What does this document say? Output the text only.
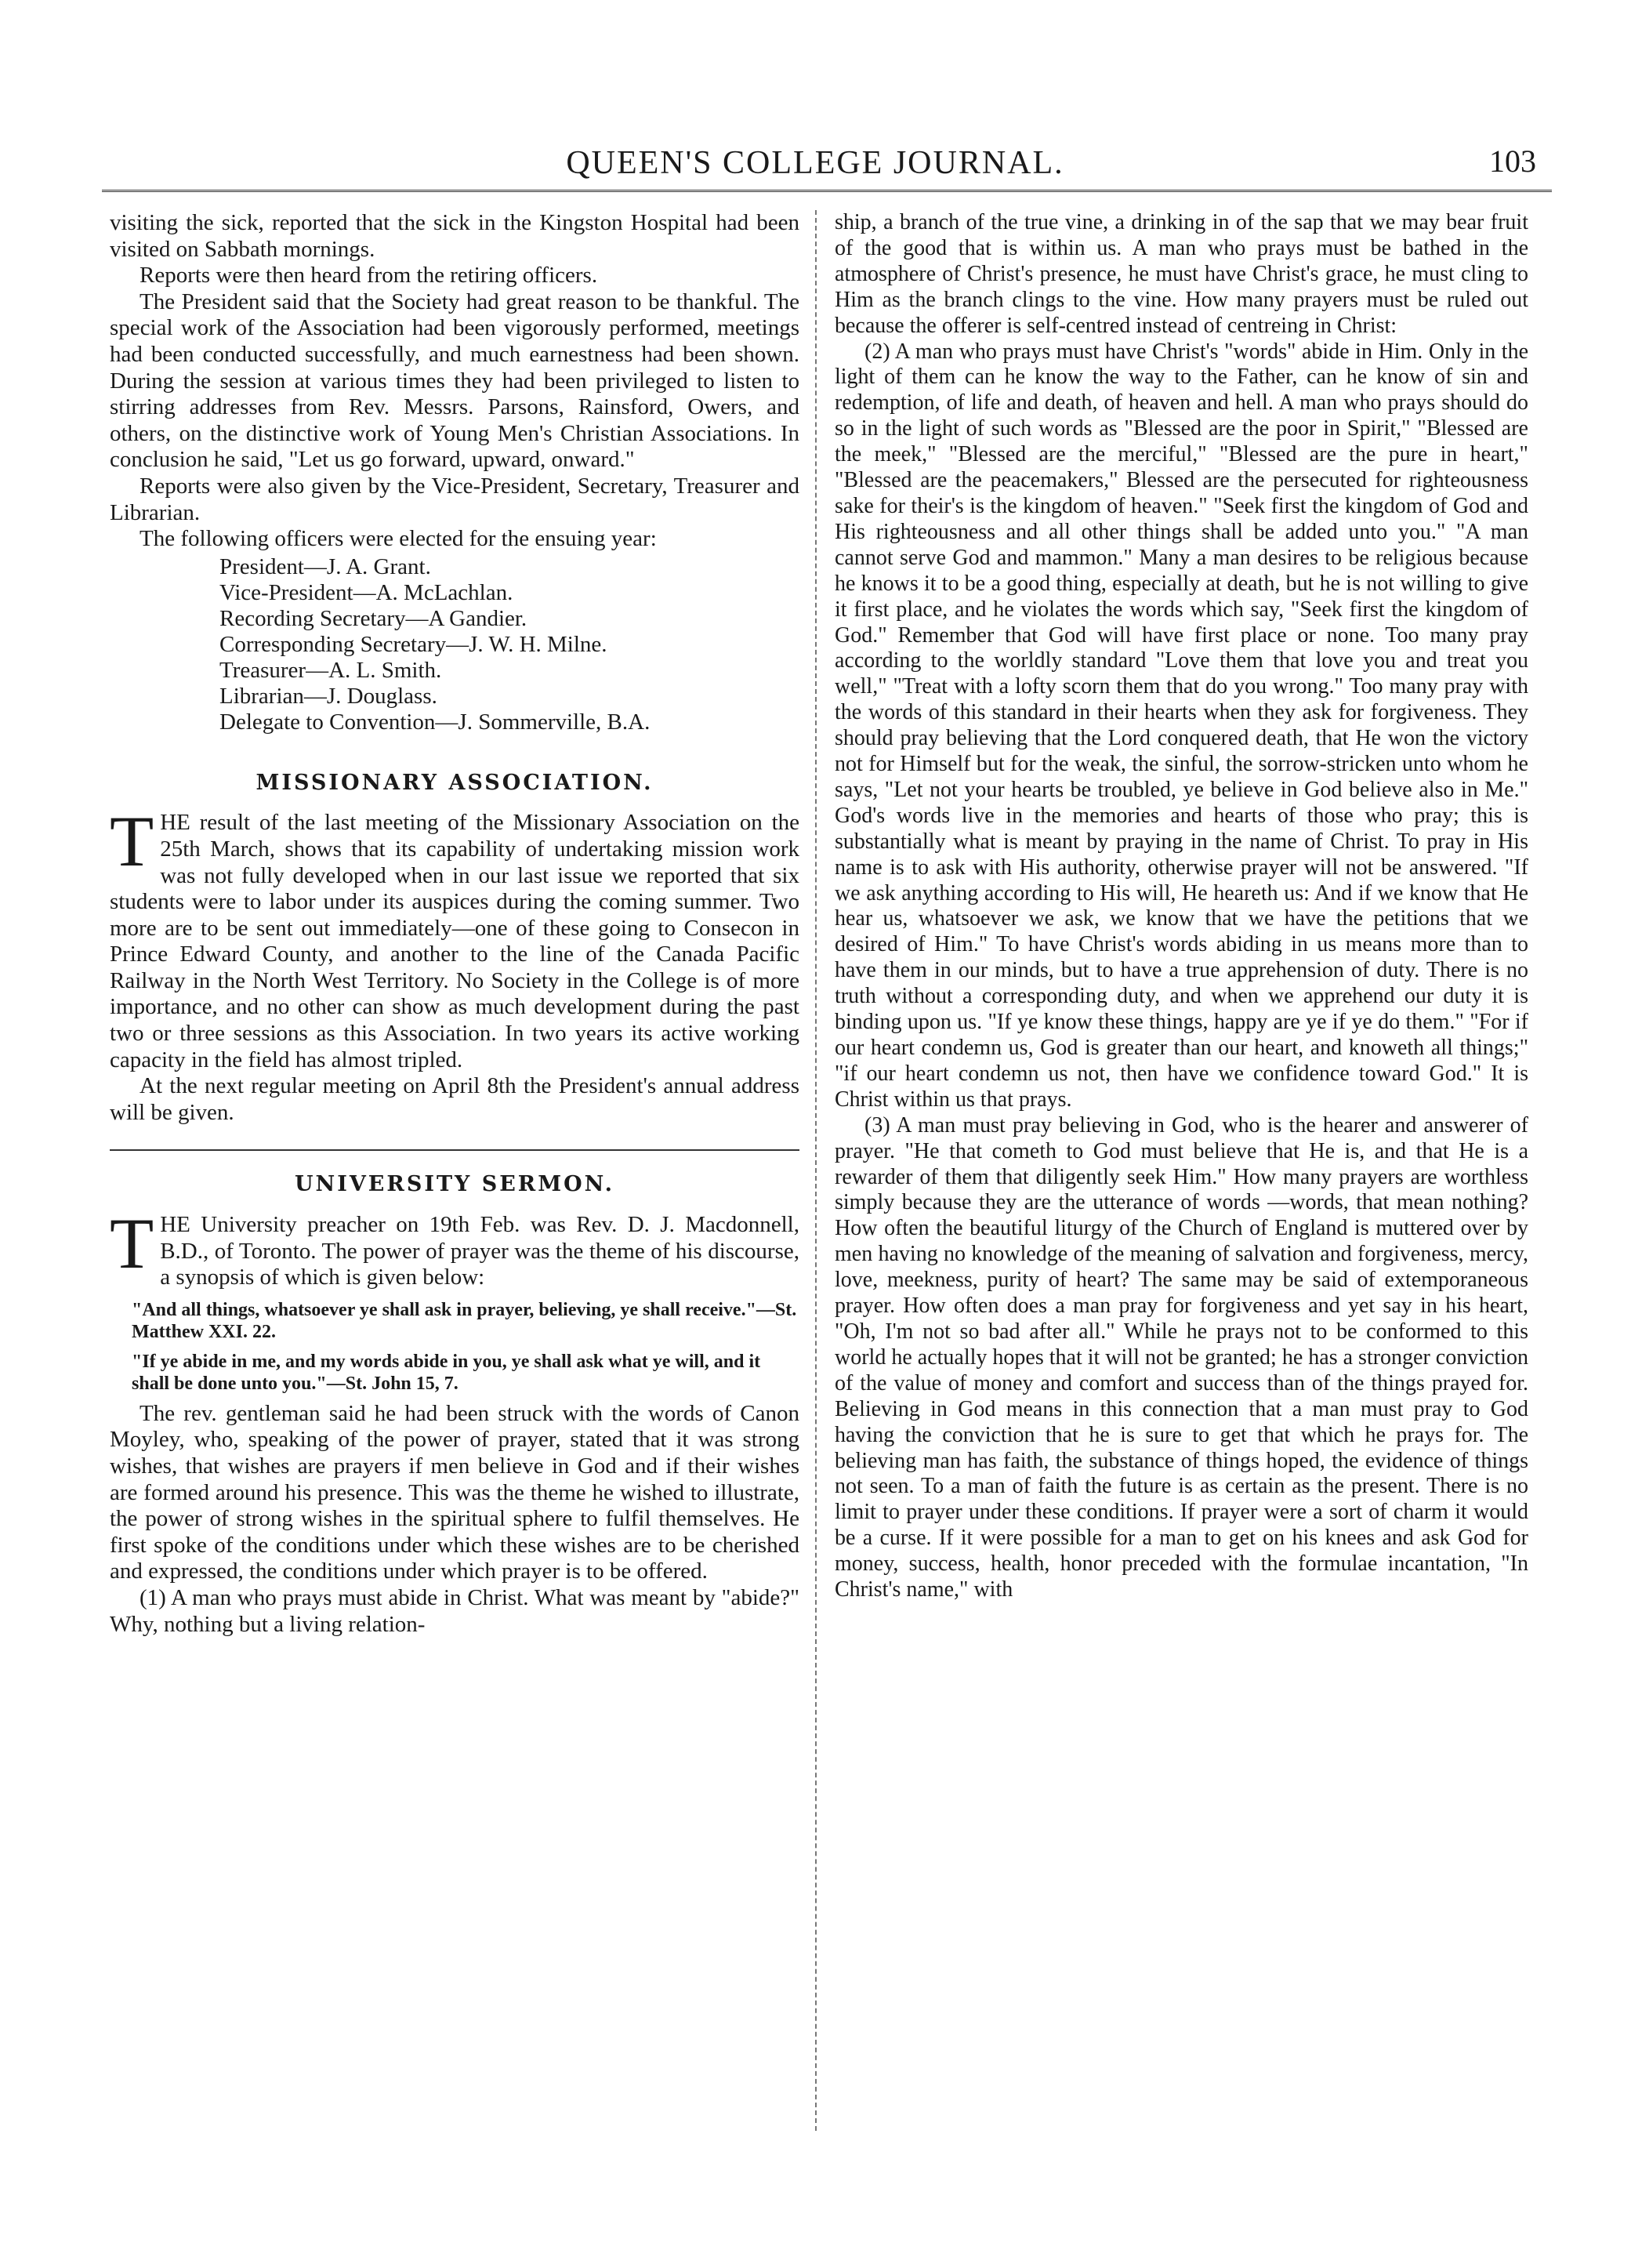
QUEEN'S COLLEGE JOURNAL.	103

visiting the sick, reported that the sick in the Kingston Hospital had been visited on Sabbath mornings.

Reports were then heard from the retiring officers.

The President said that the Society had great reason to be thankful. The special work of the Association had been vigorously performed, meetings had been conducted successfully, and much earnestness had been shown. During the session at various times they had been privileged to listen to stirring addresses from Rev. Messrs. Parsons, Rainsford, Owers, and others, on the distinctive work of Young Men's Christian Associations. In conclusion he said, "Let us go forward, upward, onward."

Reports were also given by the Vice-President, Secretary, Treasurer and Librarian.

The following officers were elected for the ensuing year:

President—J. A. Grant.
Vice-President—A. McLachlan.
Recording Secretary—A Gandier.
Corresponding Secretary—J. W. H. Milne.
Treasurer—A. L. Smith.
Librarian—J. Douglass.
Delegate to Convention—J. Sommerville, B.A.
MISSIONARY ASSOCIATION.

THE result of the last meeting of the Missionary Association on the 25th March, shows that its capability of undertaking mission work was not fully developed when in our last issue we reported that six students were to labor under its auspices during the coming summer. Two more are to be sent out immediately—one of these going to Consecon in Prince Edward County, and another to the line of the Canada Pacific Railway in the North West Territory. No Society in the College is of more importance, and no other can show as much development during the past two or three sessions as this Association. In two years its active working capacity in the field has almost tripled.

At the next regular meeting on April 8th the President's annual address will be given.

UNIVERSITY SERMON.

THE University preacher on 19th Feb. was Rev. D. J. Macdonnell, B.D., of Toronto. The power of prayer was the theme of his discourse, a synopsis of which is given below:

"And all things, whatsoever ye shall ask in prayer, believing, ye shall receive."—St. Matthew XXI. 22.

"If ye abide in me, and my words abide in you, ye shall ask what ye will, and it shall be done unto you."—St. John 15, 7.

The rev. gentleman said he had been struck with the words of Canon Moyley, who, speaking of the power of prayer, stated that it was strong wishes, that wishes are prayers if men believe in God and if their wishes are formed around his presence. This was the theme he wished to illustrate, the power of strong wishes in the spiritual sphere to fulfil themselves. He first spoke of the conditions under which these wishes are to be cherished and expressed, the conditions under which prayer is to be offered.

(1) A man who prays must abide in Christ. What was meant by "abide?" Why, nothing but a living relation-

ship, a branch of the true vine, a drinking in of the sap that we may bear fruit of the good that is within us. A man who prays must be bathed in the atmosphere of Christ's presence, he must have Christ's grace, he must cling to Him as the branch clings to the vine. How many prayers must be ruled out because the offerer is self-centred instead of centreing in Christ:

(2) A man who prays must have Christ's "words" abide in Him. Only in the light of them can he know the way to the Father, can he know of sin and redemption, of life and death, of heaven and hell. A man who prays should do so in the light of such words as "Blessed are the poor in Spirit," "Blessed are the meek," "Blessed are the merciful," "Blessed are the pure in heart," "Blessed are the peacemakers," Blessed are the persecuted for righteousness sake for their's is the kingdom of heaven." "Seek first the kingdom of God and His righteousness and all other things shall be added unto you." "A man cannot serve God and mammon." Many a man desires to be religious because he knows it to be a good thing, especially at death, but he is not willing to give it first place, and he violates the words which say, "Seek first the kingdom of God." Remember that God will have first place or none. Too many pray according to the worldly standard "Love them that love you and treat you well," "Treat with a lofty scorn them that do you wrong." Too many pray with the words of this standard in their hearts when they ask for forgiveness. They should pray believing that the Lord conquered death, that He won the victory not for Himself but for the weak, the sinful, the sorrow-stricken unto whom he says, "Let not your hearts be troubled, ye believe in God believe also in Me." God's words live in the memories and hearts of those who pray; this is substantially what is meant by praying in the name of Christ. To pray in His name is to ask with His authority, otherwise prayer will not be answered. "If we ask anything according to His will, He heareth us: And if we know that He hear us, whatsoever we ask, we know that we have the petitions that we desired of Him." To have Christ's words abiding in us means more than to have them in our minds, but to have a true apprehension of duty. There is no truth without a corresponding duty, and when we apprehend our duty it is binding upon us. "If ye know these things, happy are ye if ye do them." "For if our heart condemn us, God is greater than our heart, and knoweth all things;" "if our heart condemn us not, then have we confidence toward God." It is Christ within us that prays.

(3) A man must pray believing in God, who is the hearer and answerer of prayer. "He that cometh to God must believe that He is, and that He is a rewarder of them that diligently seek Him." How many prayers are worthless simply because they are the utterance of words —words, that mean nothing? How often the beautiful liturgy of the Church of England is muttered over by men having no knowledge of the meaning of salvation and forgiveness, mercy, love, meekness, purity of heart? The same may be said of extemporaneous prayer. How often does a man pray for forgiveness and yet say in his heart, "Oh, I'm not so bad after all." While he prays not to be conformed to this world he actually hopes that it will not be granted; he has a stronger conviction of the value of money and comfort and success than of the things prayed for. Believing in God means in this connection that a man must pray to God having the conviction that he is sure to get that which he prays for. The believing man has faith, the substance of things hoped, the evidence of things not seen. To a man of faith the future is as certain as the present. There is no limit to prayer under these conditions. If prayer were a sort of charm it would be a curse. If it were possible for a man to get on his knees and ask God for money, success, health, honor preceded with the formulae incantation, "In Christ's name," with
